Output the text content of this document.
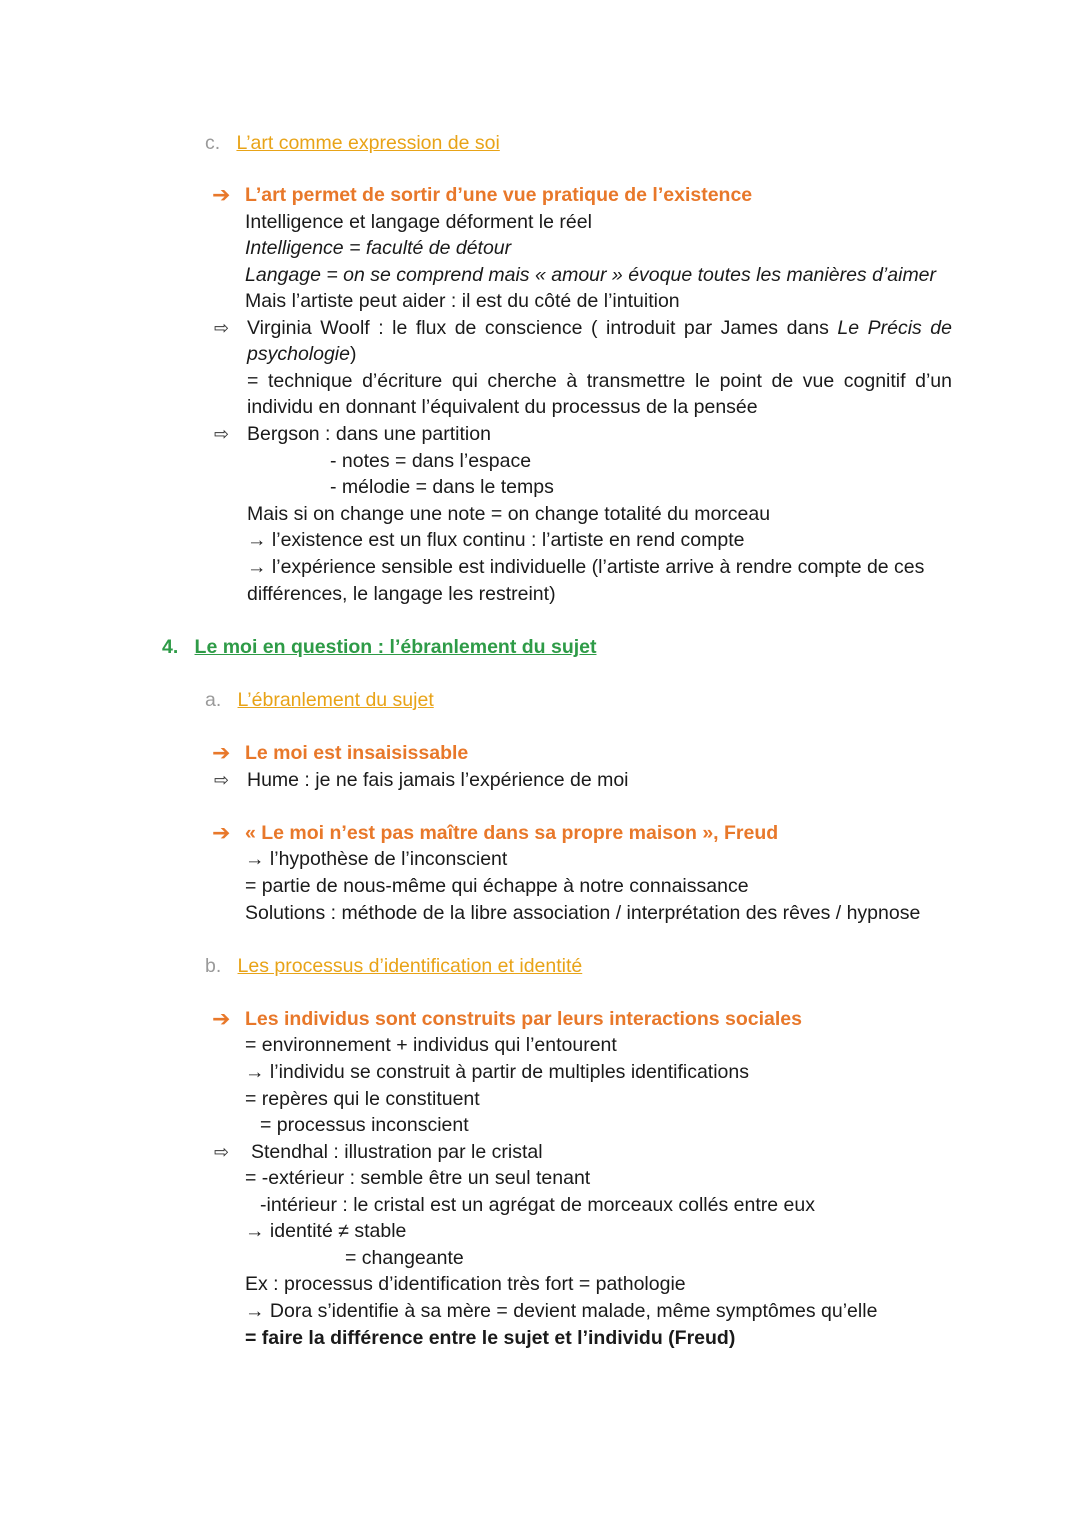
c. L’art comme expression de soi
➔ L’art permet de sortir d’une vue pratique de l’existence
Intelligence et langage déforment le réel
Intelligence = faculté de détour
Langage = on se comprend mais « amour » évoque toutes les manières d’aimer
Mais l’artiste peut aider : il est du côté de l’intuition
⇨ Virginia Woolf : le flux de conscience ( introduit par James dans Le Précis de
psychologie)
= technique d’écriture qui cherche à transmettre le point de vue cognitif d’un
individu en donnant l’équivalent du processus de la pensée
⇨ Bergson : dans une partition
- notes = dans l’espace
- mélodie = dans le temps
Mais si on change une note = on change totalité du morceau
→ l’existence est un flux continu : l’artiste en rend compte
→ l’expérience sensible est individuelle (l’artiste arrive à rendre compte de ces
différences, le langage les restreint)
4. Le moi en question : l’ébranlement du sujet
a. L’ébranlement du sujet
➔ Le moi est insaisissable
⇨ Hume : je ne fais jamais l’expérience de moi
➔ « Le moi n’est pas maître dans sa propre maison », Freud
→ l’hypothèse de l’inconscient
= partie de nous-même qui échappe à notre connaissance
Solutions : méthode de la libre association / interprétation des rêves / hypnose
b. Les processus d’identification et identité
➔ Les individus sont construits par leurs interactions sociales
= environnement + individus qui l’entourent
→ l’individu se construit à partir de multiples identifications
= repères qui le constituent
= processus inconscient
⇨ Stendhal : illustration par le cristal
= -extérieur : semble être un seul tenant
-intérieur : le cristal est un agrégat de morceaux collés entre eux
→ identité ≠ stable
= changeante
Ex : processus d’identification très fort = pathologie
→ Dora s’identifie à sa mère = devient malade, même symptômes qu’elle
= faire la différence entre le sujet et l’individu (Freud)
